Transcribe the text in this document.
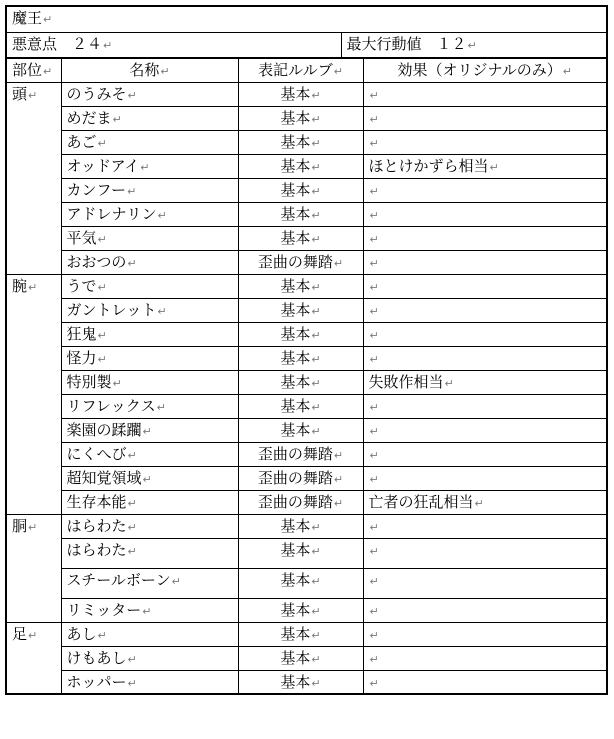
魔王↵
悪意点　 ２４↵	最大行動値　 １２↵
部位↵	名称↵	表記ルルブ↵	効果（オリジナルのみ）↵
頭↵	のうみそ↵	基本↵	↵
	めだま↵	基本↵	↵
	あご↵	基本↵	↵
	オッドアイ↵	基本↵	ほとけかずら相当↵
	カンフー↵	基本↵	↵
	アドレナリン↵	基本↵	↵
	平気↵	基本↵	↵
	おおつの↵	歪曲の舞踏↵	↵
腕↵	うで↵	基本↵	↵
	ガントレット↵	基本↵	↵
	狂鬼↵	基本↵	↵
	怪力↵	基本↵	↵
	特別製↵	基本↵	失敗作相当↵
	リフレックス↵	基本↵	↵
	楽園の蹂躙↵	基本↵	↵
	にくへび↵	歪曲の舞踏↵	↵
	超知覚領域↵	歪曲の舞踏↵	↵
	生存本能↵	歪曲の舞踏↵	亡者の狂乱相当↵
胴↵	はらわた↵	基本↵	↵
	はらわた↵	基本↵	↵
	スチールボーン↵	基本↵	↵
	リミッター↵	基本↵	↵
足↵	あし↵	基本↵	↵
	けもあし↵	基本↵	↵
	ホッパー↵	基本↵	↵
